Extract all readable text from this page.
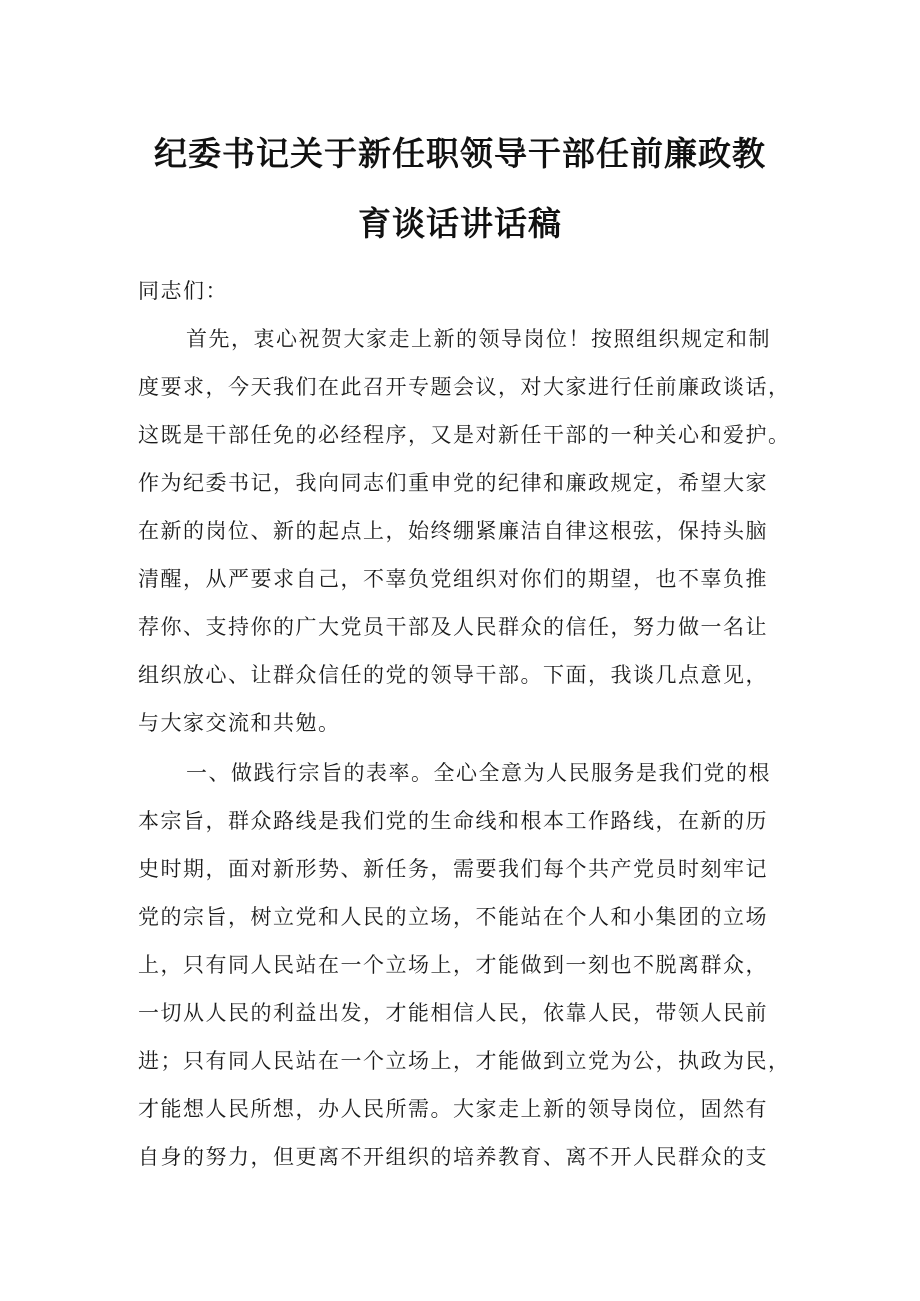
纪委书记关于新任职领导干部任前廉政教
育谈话讲话稿
同志们：
首先，衷心祝贺大家走上新的领导岗位！按照组织规定和制
度要求，今天我们在此召开专题会议，对大家进行任前廉政谈话，
这既是干部任免的必经程序，又是对新任干部的一种关心和爱护。
作为纪委书记，我向同志们重申党的纪律和廉政规定，希望大家
在新的岗位、新的起点上，始终绷紧廉洁自律这根弦，保持头脑
清醒，从严要求自己，不辜负党组织对你们的期望，也不辜负推
荐你、支持你的广大党员干部及人民群众的信任，努力做一名让
组织放心、让群众信任的党的领导干部。下面，我谈几点意见，
与大家交流和共勉。
一、做践行宗旨的表率。全心全意为人民服务是我们党的根
本宗旨，群众路线是我们党的生命线和根本工作路线，在新的历
史时期，面对新形势、新任务，需要我们每个共产党员时刻牢记
党的宗旨，树立党和人民的立场，不能站在个人和小集团的立场
上，只有同人民站在一个立场上，才能做到一刻也不脱离群众，
一切从人民的利益出发，才能相信人民，依靠人民，带领人民前
进；只有同人民站在一个立场上，才能做到立党为公，执政为民，
才能想人民所想，办人民所需。大家走上新的领导岗位，固然有
自身的努力，但更离不开组织的培养教育、离不开人民群众的支
